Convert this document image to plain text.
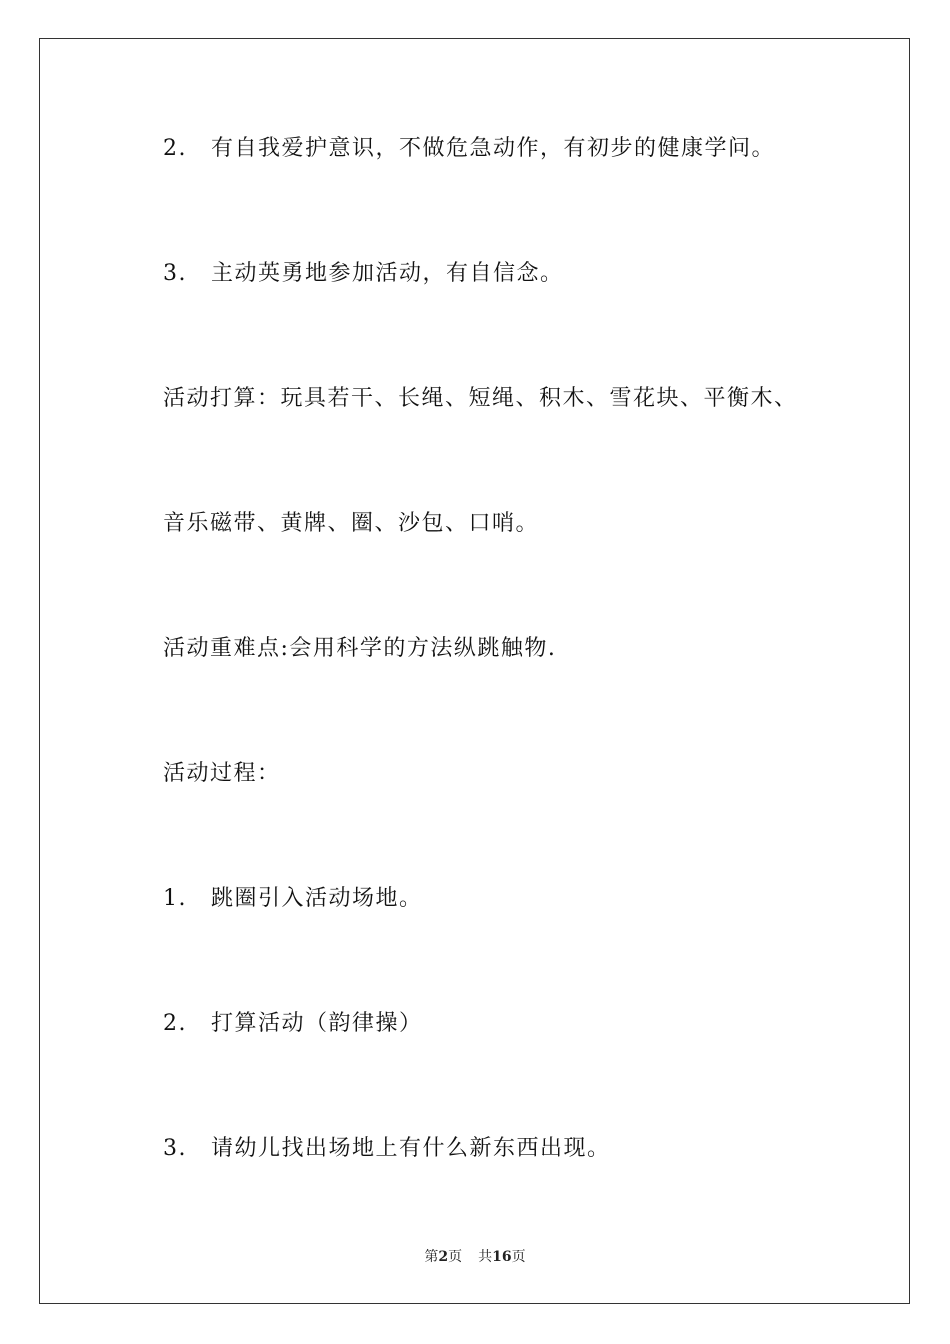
2. 有自我爱护意识，不做危急动作，有初步的健康学问。
3. 主动英勇地参加活动，有自信念。
活动打算：玩具若干、长绳、短绳、积木、雪花块、平衡木、
音乐磁带、黄牌、圈、沙包、口哨。
活动重难点:会用科学的方法纵跳触物.
活动过程：
1. 跳圈引入活动场地。
2. 打算活动（韵律操）
3. 请幼儿找出场地上有什么新东西出现。
第2页 共16页
